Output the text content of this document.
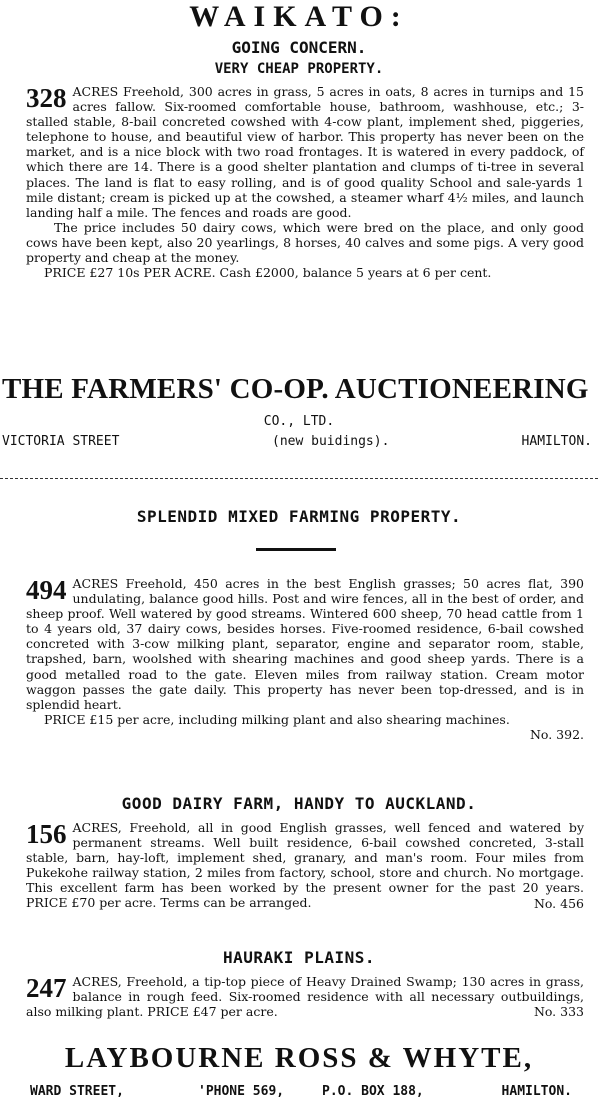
WAIKATO:
GOING CONCERN.
VERY CHEAP PROPERTY.
328 ACRES Freehold, 300 acres in grass, 5 acres in oats, 8 acres in turnips and 15 acres fallow. Six-roomed comfortable house, bathroom, washhouse, etc.; 3-stalled stable, 8-bail concreted cowshed with 4-cow plant, implement shed, piggeries, telephone to house, and beautiful view of harbor. This property has never been on the market, and is a nice block with two road frontages. It is watered in every paddock, of which there are 14. There is a good shelter plantation and clumps of ti-tree in several places. The land is flat to easy rolling, and is of good quality School and sale-yards 1 mile distant; cream is picked up at the cowshed, a steamer wharf 4½ miles, and launch landing half a mile. The fences and roads are good.
The price includes 50 dairy cows, which were bred on the place, and only good cows have been kept, also 20 yearlings, 8 horses, 40 calves and some pigs. A very good property and cheap at the money.
PRICE £27 10s PER ACRE. Cash £2000, balance 5 years at 6 per cent.
THE FARMERS' CO-OP. AUCTIONEERING
CO., LTD.
VICTORIA STREET	(new buidings).	HAMILTON.
SPLENDID MIXED FARMING PROPERTY.
494 ACRES Freehold, 450 acres in the best English grasses; 50 acres flat, 390 undulating, balance good hills. Post and wire fences, all in the best of order, and sheep proof. Well watered by good streams. Wintered 600 sheep, 70 head cattle from 1 to 4 years old, 37 dairy cows, besides horses. Five-roomed residence, 6-bail cowshed concreted with 3-cow milking plant, separator, engine and separator room, stable, trapshed, barn, woolshed with shearing machines and good sheep yards. There is a good metalled road to the gate. Eleven miles from railway station. Cream motor waggon passes the gate daily. This property has never been top-dressed, and is in splendid heart.
PRICE £15 per acre, including milking plant and also shearing machines.
No. 392.
GOOD DAIRY FARM, HANDY TO AUCKLAND.
156 ACRES, Freehold, all in good English grasses, well fenced and watered by permanent streams. Well built residence, 6-bail cowshed concreted, 3-stall stable, barn, hay-loft, implement shed, granary, and man's room. Four miles from Pukekohe railway station, 2 miles from factory, school, store and church. No mortgage. This excellent farm has been worked by the present owner for the past 20 years. PRICE £70 per acre. Terms can be arranged.	No. 456
HAURAKI PLAINS.
247 ACRES, Freehold, a tip-top piece of Heavy Drained Swamp; 130 acres in grass, balance in rough feed. Six-roomed residence with all necessary outbuildings, also milking plant. PRICE £47 per acre.	No. 333
LAYBOURNE ROSS & WHYTE,
WARD STREET,	'PHONE 569,	P.O. BOX 188,	HAMILTON.
